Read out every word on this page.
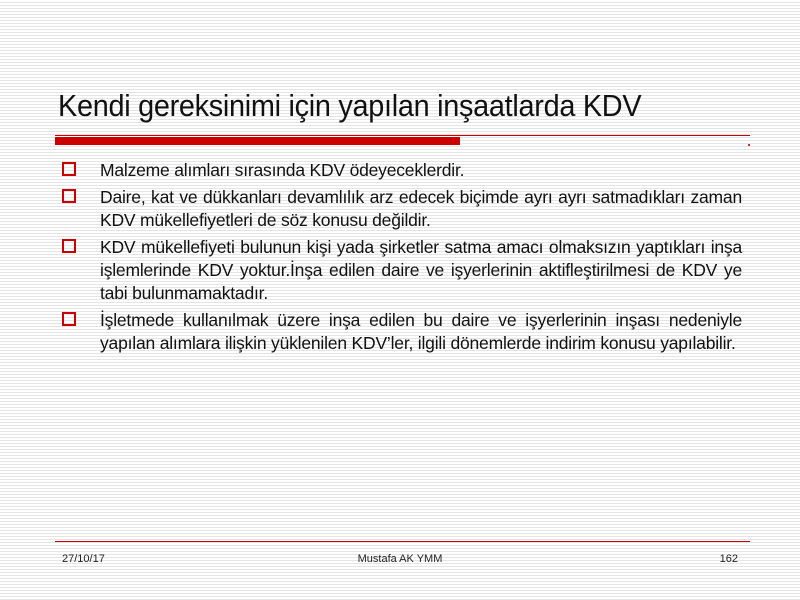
Kendi gereksinimi için yapılan inşaatlarda KDV
Malzeme alımları sırasında KDV ödeyeceklerdir.
Daire, kat ve dükkanları devamlılık arz edecek biçimde ayrı ayrı satmadıkları zaman KDV mükellefiyetleri de söz konusu değildir.
KDV mükellefiyeti bulunun kişi yada şirketler satma amacı olmaksızın yaptıkları inşa işlemlerinde KDV yoktur.İnşa edilen daire ve işyerlerinin aktifleştirilmesi de KDV ye tabi bulunmamaktadır.
İşletmede kullanılmak üzere inşa edilen bu daire ve işyerlerinin inşası nedeniyle yapılan alımlara ilişkin yüklenilen KDV’ler, ilgili dönemlerde indirim konusu yapılabilir.
27/10/17	Mustafa AK YMM	162
